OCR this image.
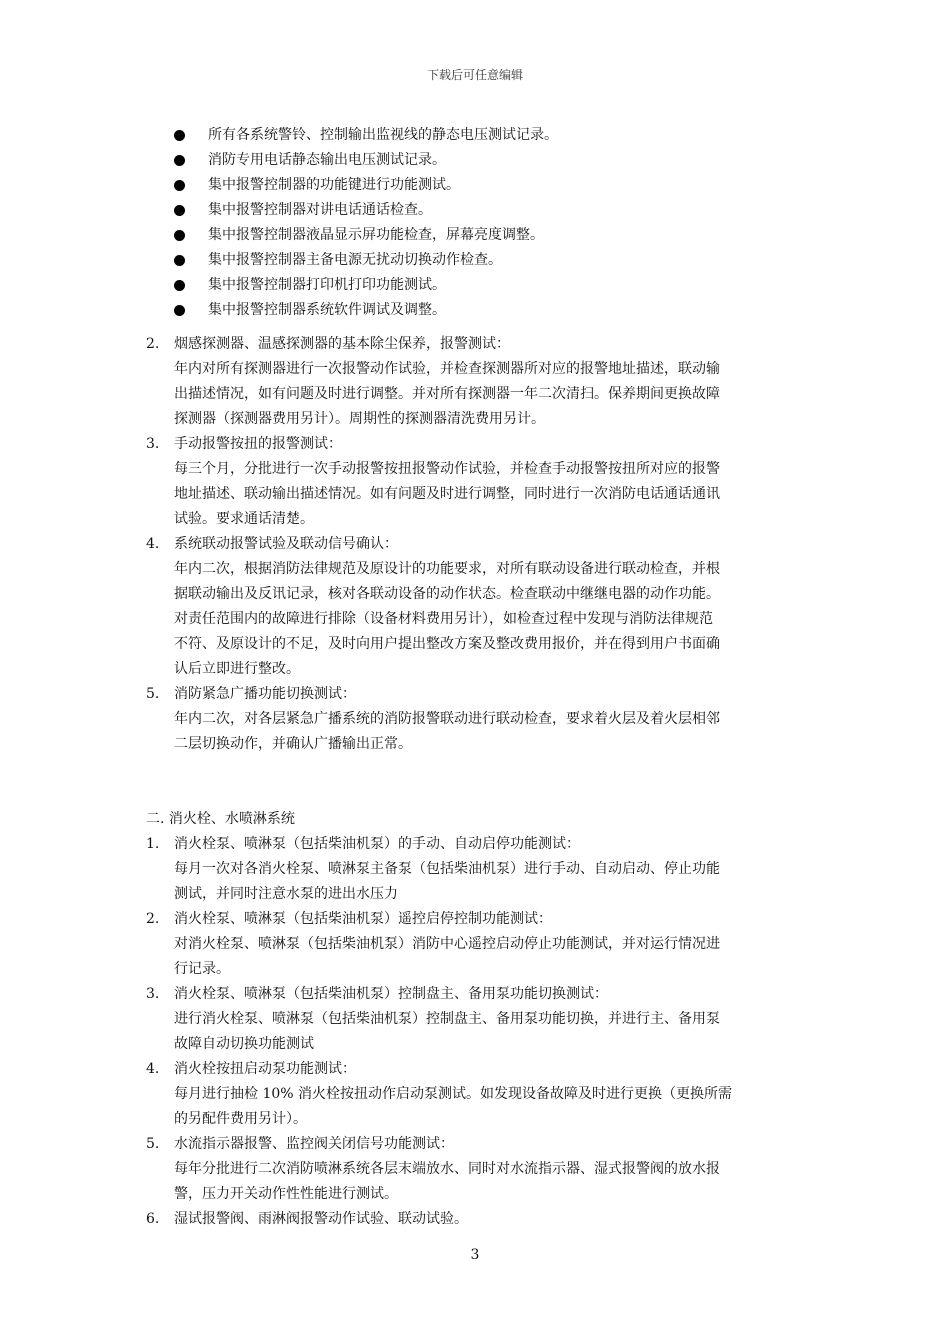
下载后可任意编辑
所有各系统警铃、控制输出监视线的静态电压测试记录。
消防专用电话静态输出电压测试记录。
集中报警控制器的功能键进行功能测试。
集中报警控制器对讲电话通话检查。
集中报警控制器液晶显示屏功能检查，屏幕亮度调整。
集中报警控制器主备电源无扰动切换动作检查。
集中报警控制器打印机打印功能测试。
集中报警控制器系统软件调试及调整。
2.	烟感探测器、温感探测器的基本除尘保养，报警测试：
年内对所有探测器进行一次报警动作试验，并检查探测器所对应的报警地址描述，联动输
出描述情况，如有问题及时进行调整。并对所有探测器一年二次清扫。保养期间更换故障
探测器（探测器费用另计）。周期性的探测器清洗费用另计。
3.	手动报警按扭的报警测试：
每三个月，分批进行一次手动报警按扭报警动作试验，并检查手动报警按扭所对应的报警
地址描述、联动输出描述情况。如有问题及时进行调整，同时进行一次消防电话通话通讯
试验。要求通话清楚。
4.	系统联动报警试验及联动信号确认：
年内二次，根据消防法律规范及原设计的功能要求，对所有联动设备进行联动检查，并根
据联动输出及反讯记录，核对各联动设备的动作状态。检查联动中继继电器的动作功能。
对责任范围内的故障进行排除（设备材料费用另计），如检查过程中发现与消防法律规范
不符、及原设计的不足，及时向用户提出整改方案及整改费用报价，并在得到用户书面确
认后立即进行整改。
5.	消防紧急广播功能切换测试：
年内二次，对各层紧急广播系统的消防报警联动进行联动检查，要求着火层及着火层相邻
二层切换动作，并确认广播输出正常。
二. 消火栓、水喷淋系统
1.	消火栓泵、喷淋泵（包括柴油机泵）的手动、自动启停功能测试：
每月一次对各消火栓泵、喷淋泵主备泵（包括柴油机泵）进行手动、自动启动、停止功能
测试，并同时注意水泵的进出水压力
2.	消火栓泵、喷淋泵（包括柴油机泵）遥控启停控制功能测试：
对消火栓泵、喷淋泵（包括柴油机泵）消防中心遥控启动停止功能测试，并对运行情况进
行记录。
3.	消火栓泵、喷淋泵（包括柴油机泵）控制盘主、备用泵功能切换测试：
进行消火栓泵、喷淋泵（包括柴油机泵）控制盘主、备用泵功能切换，并进行主、备用泵
故障自动切换功能测试
4.	消火栓按扭启动泵功能测试：
每月进行抽检 10% 消火栓按扭动作启动泵测试。如发现设备故障及时进行更换（更换所需
的另配件费用另计）。
5.	水流指示器报警、监控阀关闭信号功能测试：
每年分批进行二次消防喷淋系统各层末端放水、同时对水流指示器、湿式报警阀的放水报
警，压力开关动作性性能进行测试。
6.	湿试报警阀、雨淋阀报警动作试验、联动试验。
3
